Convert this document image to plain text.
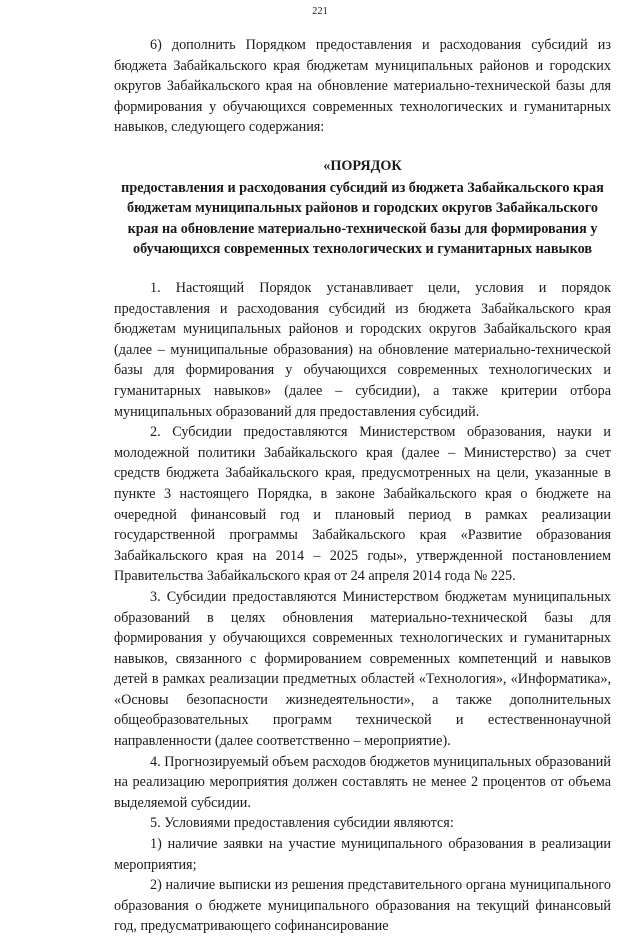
221

6) дополнить Порядком предоставления и расходования субсидий из бюджета Забайкальского края бюджетам муниципальных районов и городских округов Забайкальского края на обновление материально-технической базы для формирования у обучающихся современных технологических и гуманитарных навыков, следующего содержания:

«ПОРЯДОК

предоставления и расходования субсидий из бюджета Забайкальского края бюджетам муниципальных районов и городских округов Забайкальского края на обновление материально-технической базы для формирования у обучающихся современных технологических и гуманитарных навыков

1. Настоящий Порядок устанавливает цели, условия и порядок предоставления и расходования субсидий из бюджета Забайкальского края бюджетам муниципальных районов и городских округов Забайкальского края (далее – муниципальные образования) на обновление материально-технической базы для формирования у обучающихся современных технологических и гуманитарных навыков» (далее – субсидии), а также критерии отбора муниципальных образований для предоставления субсидий.

2. Субсидии предоставляются Министерством образования, науки и молодежной политики Забайкальского края (далее – Министерство) за счет средств бюджета Забайкальского края, предусмотренных на цели, указанные в пункте 3 настоящего Порядка, в законе Забайкальского края о бюджете на очередной финансовый год и плановый период в рамках реализации государственной программы Забайкальского края «Развитие образования Забайкальского края на 2014 – 2025 годы», утвержденной постановлением Правительства Забайкальского края от 24 апреля 2014 года № 225.

3. Субсидии предоставляются Министерством бюджетам муниципальных образований в целях обновления материально-технической базы для формирования у обучающихся современных технологических и гуманитарных навыков, связанного с формированием современных компетенций и навыков детей в рамках реализации предметных областей «Технология», «Информатика», «Основы безопасности жизнедеятельности», а также дополнительных общеобразовательных программ технической и естественнонаучной направленности (далее соответственно – мероприятие).

4. Прогнозируемый объем расходов бюджетов муниципальных образований на реализацию мероприятия должен составлять не менее 2 процентов от объема выделяемой субсидии.

5. Условиями предоставления субсидии являются:

1) наличие заявки на участие муниципального образования в реализации мероприятия;

2) наличие выписки из решения представительного органа муниципального образования о бюджете муниципального образования на текущий финансовый год, предусматривающего софинансирование
